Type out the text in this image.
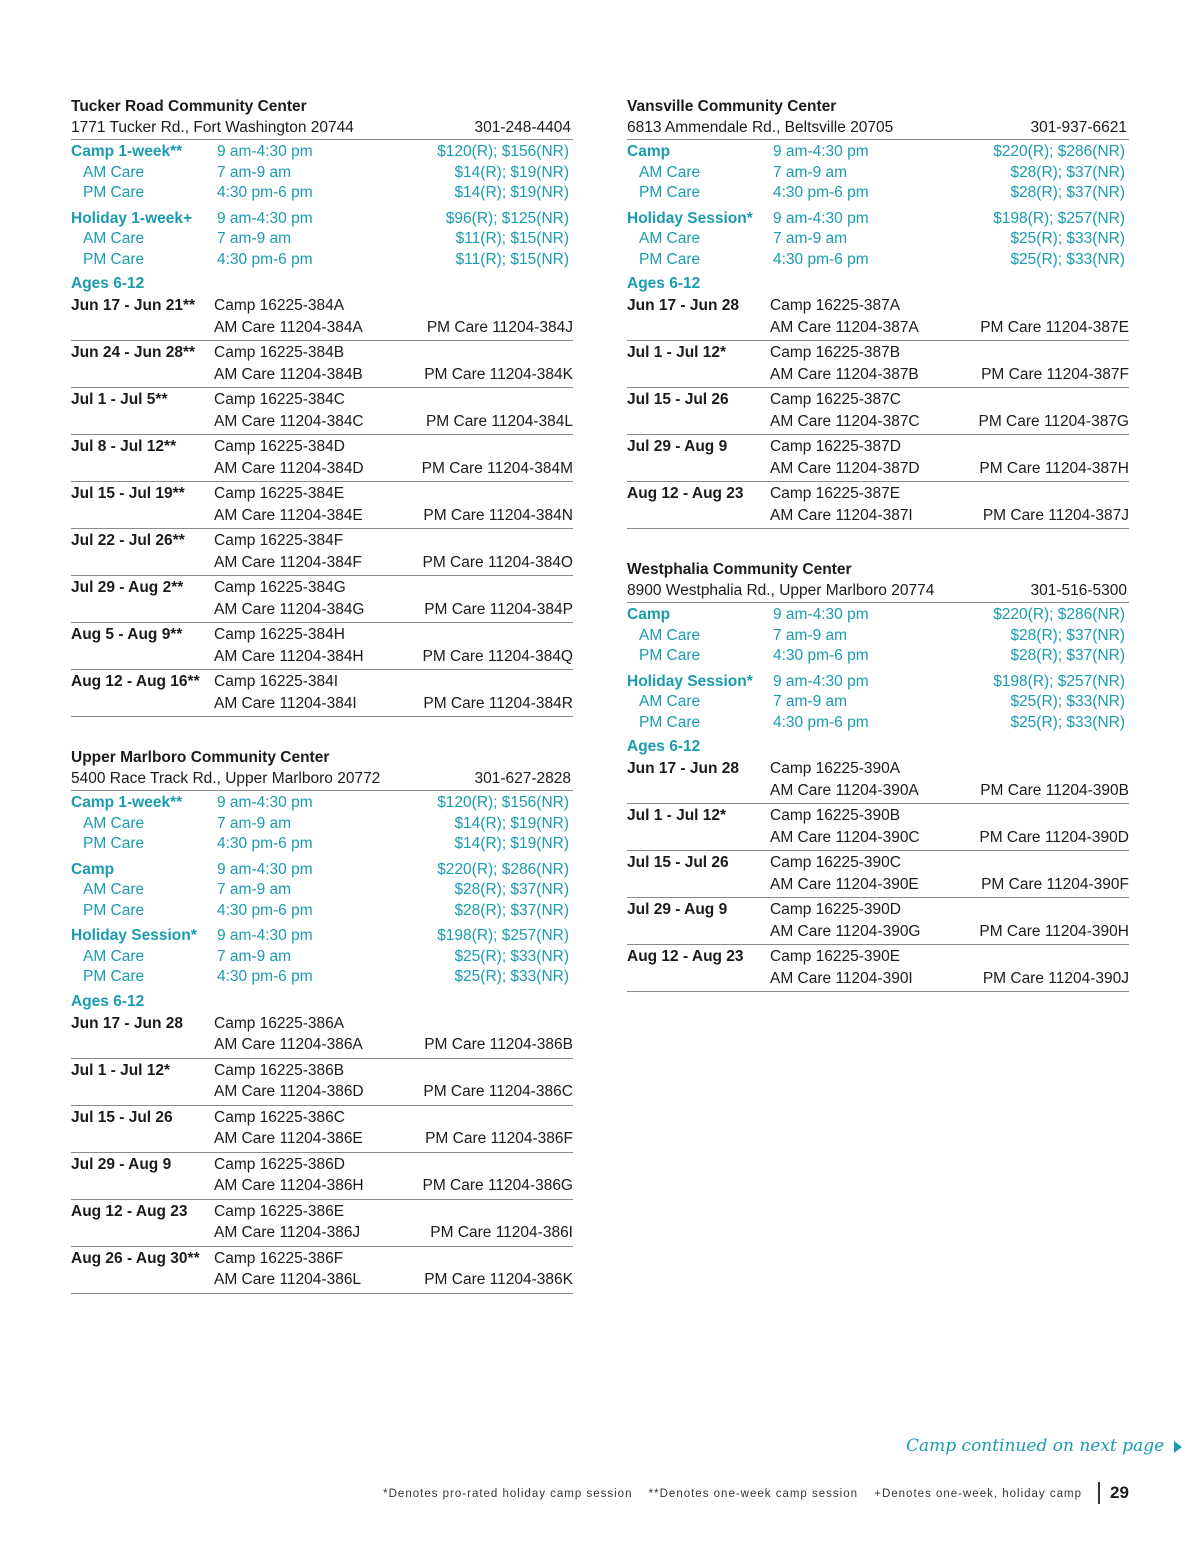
Tucker Road Community Center
1771 Tucker Rd., Fort Washington 20744	301-248-4404
Camp 1-week**	9 am-4:30 pm	$120(R); $156(NR)
AM Care	7 am-9 am	$14(R); $19(NR)
PM Care	4:30 pm-6 pm	$14(R); $19(NR)
Holiday 1-week+	9 am-4:30 pm	$96(R); $125(NR)
AM Care	7 am-9 am	$11(R); $15(NR)
PM Care	4:30 pm-6 pm	$11(R); $15(NR)
Ages 6-12
Jun 17 - Jun 21**	Camp 16225-384A
AM Care 11204-384A	PM Care 11204-384J
Jun 24 - Jun 28**	Camp 16225-384B
AM Care 11204-384B	PM Care 11204-384K
Jul 1 - Jul 5**	Camp 16225-384C
AM Care 11204-384C	PM Care 11204-384L
Jul 8 - Jul 12**	Camp 16225-384D
AM Care 11204-384D	PM Care 11204-384M
Jul 15 - Jul 19**	Camp 16225-384E
AM Care 11204-384E	PM Care 11204-384N
Jul 22 - Jul 26**	Camp 16225-384F
AM Care 11204-384F	PM Care 11204-384O
Jul 29 - Aug 2**	Camp 16225-384G
AM Care 11204-384G	PM Care 11204-384P
Aug 5 - Aug 9**	Camp 16225-384H
AM Care 11204-384H	PM Care 11204-384Q
Aug 12 - Aug 16** Camp 16225-384I
AM Care 11204-384I	PM Care 11204-384R
Upper Marlboro Community Center
5400 Race Track Rd., Upper Marlboro 20772	301-627-2828
Camp 1-week**	9 am-4:30 pm	$120(R); $156(NR)
AM Care	7 am-9 am	$14(R); $19(NR)
PM Care	4:30 pm-6 pm	$14(R); $19(NR)
Camp	9 am-4:30 pm	$220(R); $286(NR)
AM Care	7 am-9 am	$28(R); $37(NR)
PM Care	4:30 pm-6 pm	$28(R); $37(NR)
Holiday Session*	9 am-4:30 pm	$198(R); $257(NR)
AM Care	7 am-9 am	$25(R); $33(NR)
PM Care	4:30 pm-6 pm	$25(R); $33(NR)
Ages 6-12
Jun 17 - Jun 28	Camp 16225-386A
AM Care 11204-386A	PM Care 11204-386B
Jul 1 - Jul 12*	Camp 16225-386B
AM Care 11204-386D	PM Care 11204-386C
Jul 15 - Jul 26	Camp 16225-386C
AM Care 11204-386E	PM Care 11204-386F
Jul 29 - Aug 9	Camp 16225-386D
AM Care 11204-386H	PM Care 11204-386G
Aug 12 - Aug 23	Camp 16225-386E
AM Care 11204-386J	PM Care 11204-386I
Aug 26 - Aug 30** Camp 16225-386F
AM Care 11204-386L	PM Care 11204-386K
Vansville Community Center
6813 Ammendale Rd., Beltsville 20705	301-937-6621
Camp	9 am-4:30 pm	$220(R); $286(NR)
AM Care	7 am-9 am	$28(R); $37(NR)
PM Care	4:30 pm-6 pm	$28(R); $37(NR)
Holiday Session*	9 am-4:30 pm	$198(R); $257(NR)
AM Care	7 am-9 am	$25(R); $33(NR)
PM Care	4:30 pm-6 pm	$25(R); $33(NR)
Ages 6-12
Jun 17 - Jun 28	Camp 16225-387A
AM Care 11204-387A	PM Care 11204-387E
Jul 1 - Jul 12*	Camp 16225-387B
AM Care 11204-387B	PM Care 11204-387F
Jul 15 - Jul 26	Camp 16225-387C
AM Care 11204-387C	PM Care 11204-387G
Jul 29 - Aug 9	Camp 16225-387D
AM Care 11204-387D	PM Care 11204-387H
Aug 12 - Aug 23	Camp 16225-387E
AM Care 11204-387I	PM Care 11204-387J
Westphalia Community Center
8900 Westphalia Rd., Upper Marlboro 20774	301-516-5300
Camp	9 am-4:30 pm	$220(R); $286(NR)
AM Care	7 am-9 am	$28(R); $37(NR)
PM Care	4:30 pm-6 pm	$28(R); $37(NR)
Holiday Session*	9 am-4:30 pm	$198(R); $257(NR)
AM Care	7 am-9 am	$25(R); $33(NR)
PM Care	4:30 pm-6 pm	$25(R); $33(NR)
Ages 6-12
Jun 17 - Jun 28	Camp 16225-390A
AM Care 11204-390A	PM Care 11204-390B
Jul 1 - Jul 12*	Camp 16225-390B
AM Care 11204-390C	PM Care 11204-390D
Jul 15 - Jul 26	Camp 16225-390C
AM Care 11204-390E	PM Care 11204-390F
Jul 29 - Aug 9	Camp 16225-390D
AM Care 11204-390G	PM Care 11204-390H
Aug 12 - Aug 23	Camp 16225-390E
AM Care 11204-390I	PM Care 11204-390J
Camp continued on next page
*Denotes pro-rated holiday camp session **Denotes one-week camp session +Denotes one-week, holiday camp	29
